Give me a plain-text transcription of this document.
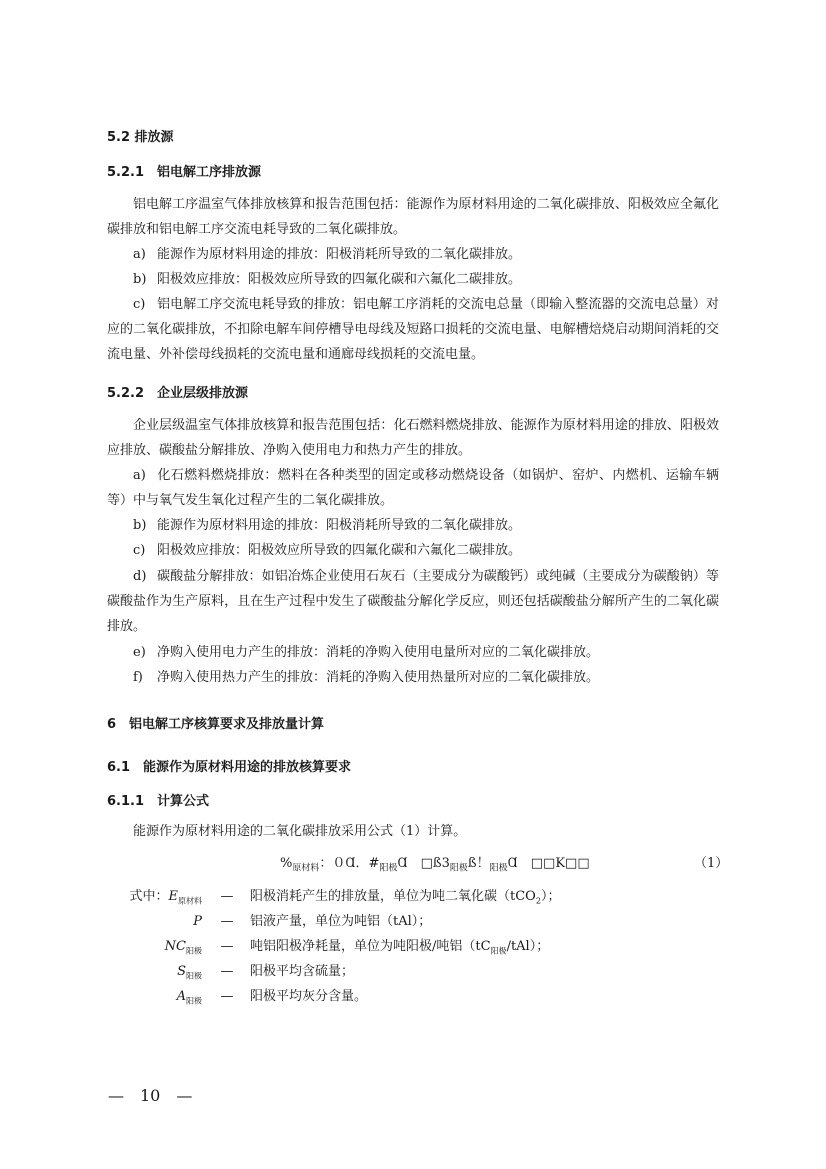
5.2 排放源
5.2.1　铝电解工序排放源
铝电解工序温室气体排放核算和报告范围包括：能源作为原材料用途的二氧化碳排放、阳极效应全氟化碳排放和铝电解工序交流电耗导致的二氧化碳排放。
a) 能源作为原材料用途的排放：阳极消耗所导致的二氧化碳排放。
b) 阳极效应排放：阳极效应所导致的四氟化碳和六氟化二碳排放。
c) 铝电解工序交流电耗导致的排放：铝电解工序消耗的交流电总量（即输入整流器的交流电总量）对应的二氧化碳排放，不扣除电解车间停槽导电母线及短路口损耗的交流电量、电解槽焙烧启动期间消耗的交流电量、外补偿母线损耗的交流电量和通廊母线损耗的交流电量。
5.2.2　企业层级排放源
企业层级温室气体排放核算和报告范围包括：化石燃料燃烧排放、能源作为原材料用途的排放、阳极效应排放、碳酸盐分解排放、净购入使用电力和热力产生的排放。
a) 化石燃料燃烧排放：燃料在各种类型的固定或移动燃烧设备（如锅炉、窑炉、内燃机、运输车辆等）中与氧气发生氧化过程产生的二氧化碳排放。
b) 能源作为原材料用途的排放：阳极消耗所导致的二氧化碳排放。
c) 阳极效应排放：阳极效应所导致的四氟化碳和六氟化二碳排放。
d) 碳酸盐分解排放：如铝冶炼企业使用石灰石（主要成分为碳酸钙）或纯碱（主要成分为碳酸钠）等碳酸盐作为生产原料，且在生产过程中发生了碳酸盐分解化学反应，则还包括碳酸盐分解所产生的二氧化碳排放。
e) 净购入使用电力产生的排放：消耗的净购入使用电量所对应的二氧化碳排放。
f) 净购入使用热力产生的排放：消耗的净购入使用热量所对应的二氧化碳排放。
6　铝电解工序核算要求及排放量计算
6.1　能源作为原材料用途的排放核算要求
6.1.1　计算公式
能源作为原材料用途的二氧化碳排放采用公式（1）计算。
$\%_{原材料}$：０Ɑ．$\#_{阳极}Ɑ$　$□ß3_{阳极}ß$！$_{阳极}$Ɑ　□□K□□	（1）
式中：$E_{原材料}$ — 阳极消耗产生的排放量，单位为吨二氧化碳（tCO$_2$）；
P — 铝液产量，单位为吨铝（tAl）；
$NC_{阳极}$ — 吨铝阳极净耗量，单位为吨阳极/吨铝$(tC_{阳极}/tAl)$；
$S_{阳极}$ — 阳极平均含硫量；
$A_{阳极}$ — 阳极平均灰分含量。
—　10　—
